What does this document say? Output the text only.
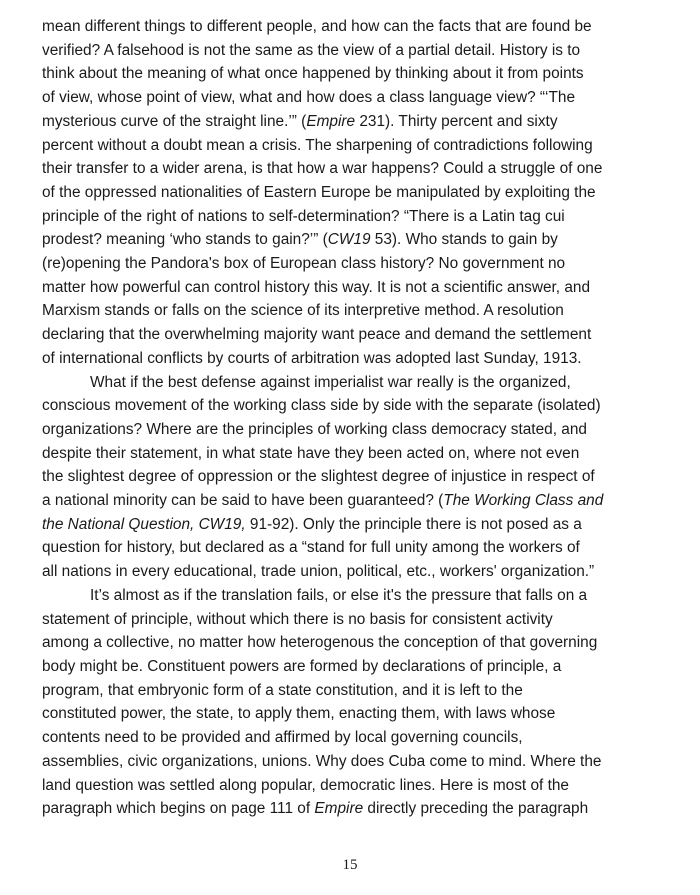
mean different things to different people, and how can the facts that are found be
verified? A falsehood is not the same as the view of a partial detail. History is to
think about the meaning of what once happened by thinking about it from points
of view, whose point of view, what and how does a class language view? “‘The
mysterious curve of the straight line.’” (Empire 231). Thirty percent and sixty
percent without a doubt mean a crisis. The sharpening of contradictions following
their transfer to a wider arena, is that how a war happens? Could a struggle of one
of the oppressed nationalities of Eastern Europe be manipulated by exploiting the
principle of the right of nations to self-determination? “There is a Latin tag cui
prodest? meaning ‘who stands to gain?’” (CW19 53). Who stands to gain by
(re)opening the Pandora's box of European class history? No government no
matter how powerful can control history this way. It is not a scientific answer, and
Marxism stands or falls on the science of its interpretive method. A resolution
declaring that the overwhelming majority want peace and demand the settlement
of international conflicts by courts of arbitration was adopted last Sunday, 1913.
What if the best defense against imperialist war really is the organized,
conscious movement of the working class side by side with the separate (isolated)
organizations? Where are the principles of working class democracy stated, and
despite their statement, in what state have they been acted on, where not even
the slightest degree of oppression or the slightest degree of injustice in respect of
a national minority can be said to have been guaranteed? (The Working Class and
the National Question, CW19, 91-92). Only the principle there is not posed as a
question for history, but declared as a “stand for full unity among the workers of
all nations in every educational, trade union, political, etc., workers' organization.”
It’s almost as if the translation fails, or else it's the pressure that falls on a
statement of principle, without which there is no basis for consistent activity
among a collective, no matter how heterogenous the conception of that governing
body might be. Constituent powers are formed by declarations of principle, a
program, that embryonic form of a state constitution, and it is left to the
constituted power, the state, to apply them, enacting them, with laws whose
contents need to be provided and affirmed by local governing councils,
assemblies, civic organizations, unions. Why does Cuba come to mind. Where the
land question was settled along popular, democratic lines. Here is most of the
paragraph which begins on page 111 of Empire directly preceding the paragraph
15
